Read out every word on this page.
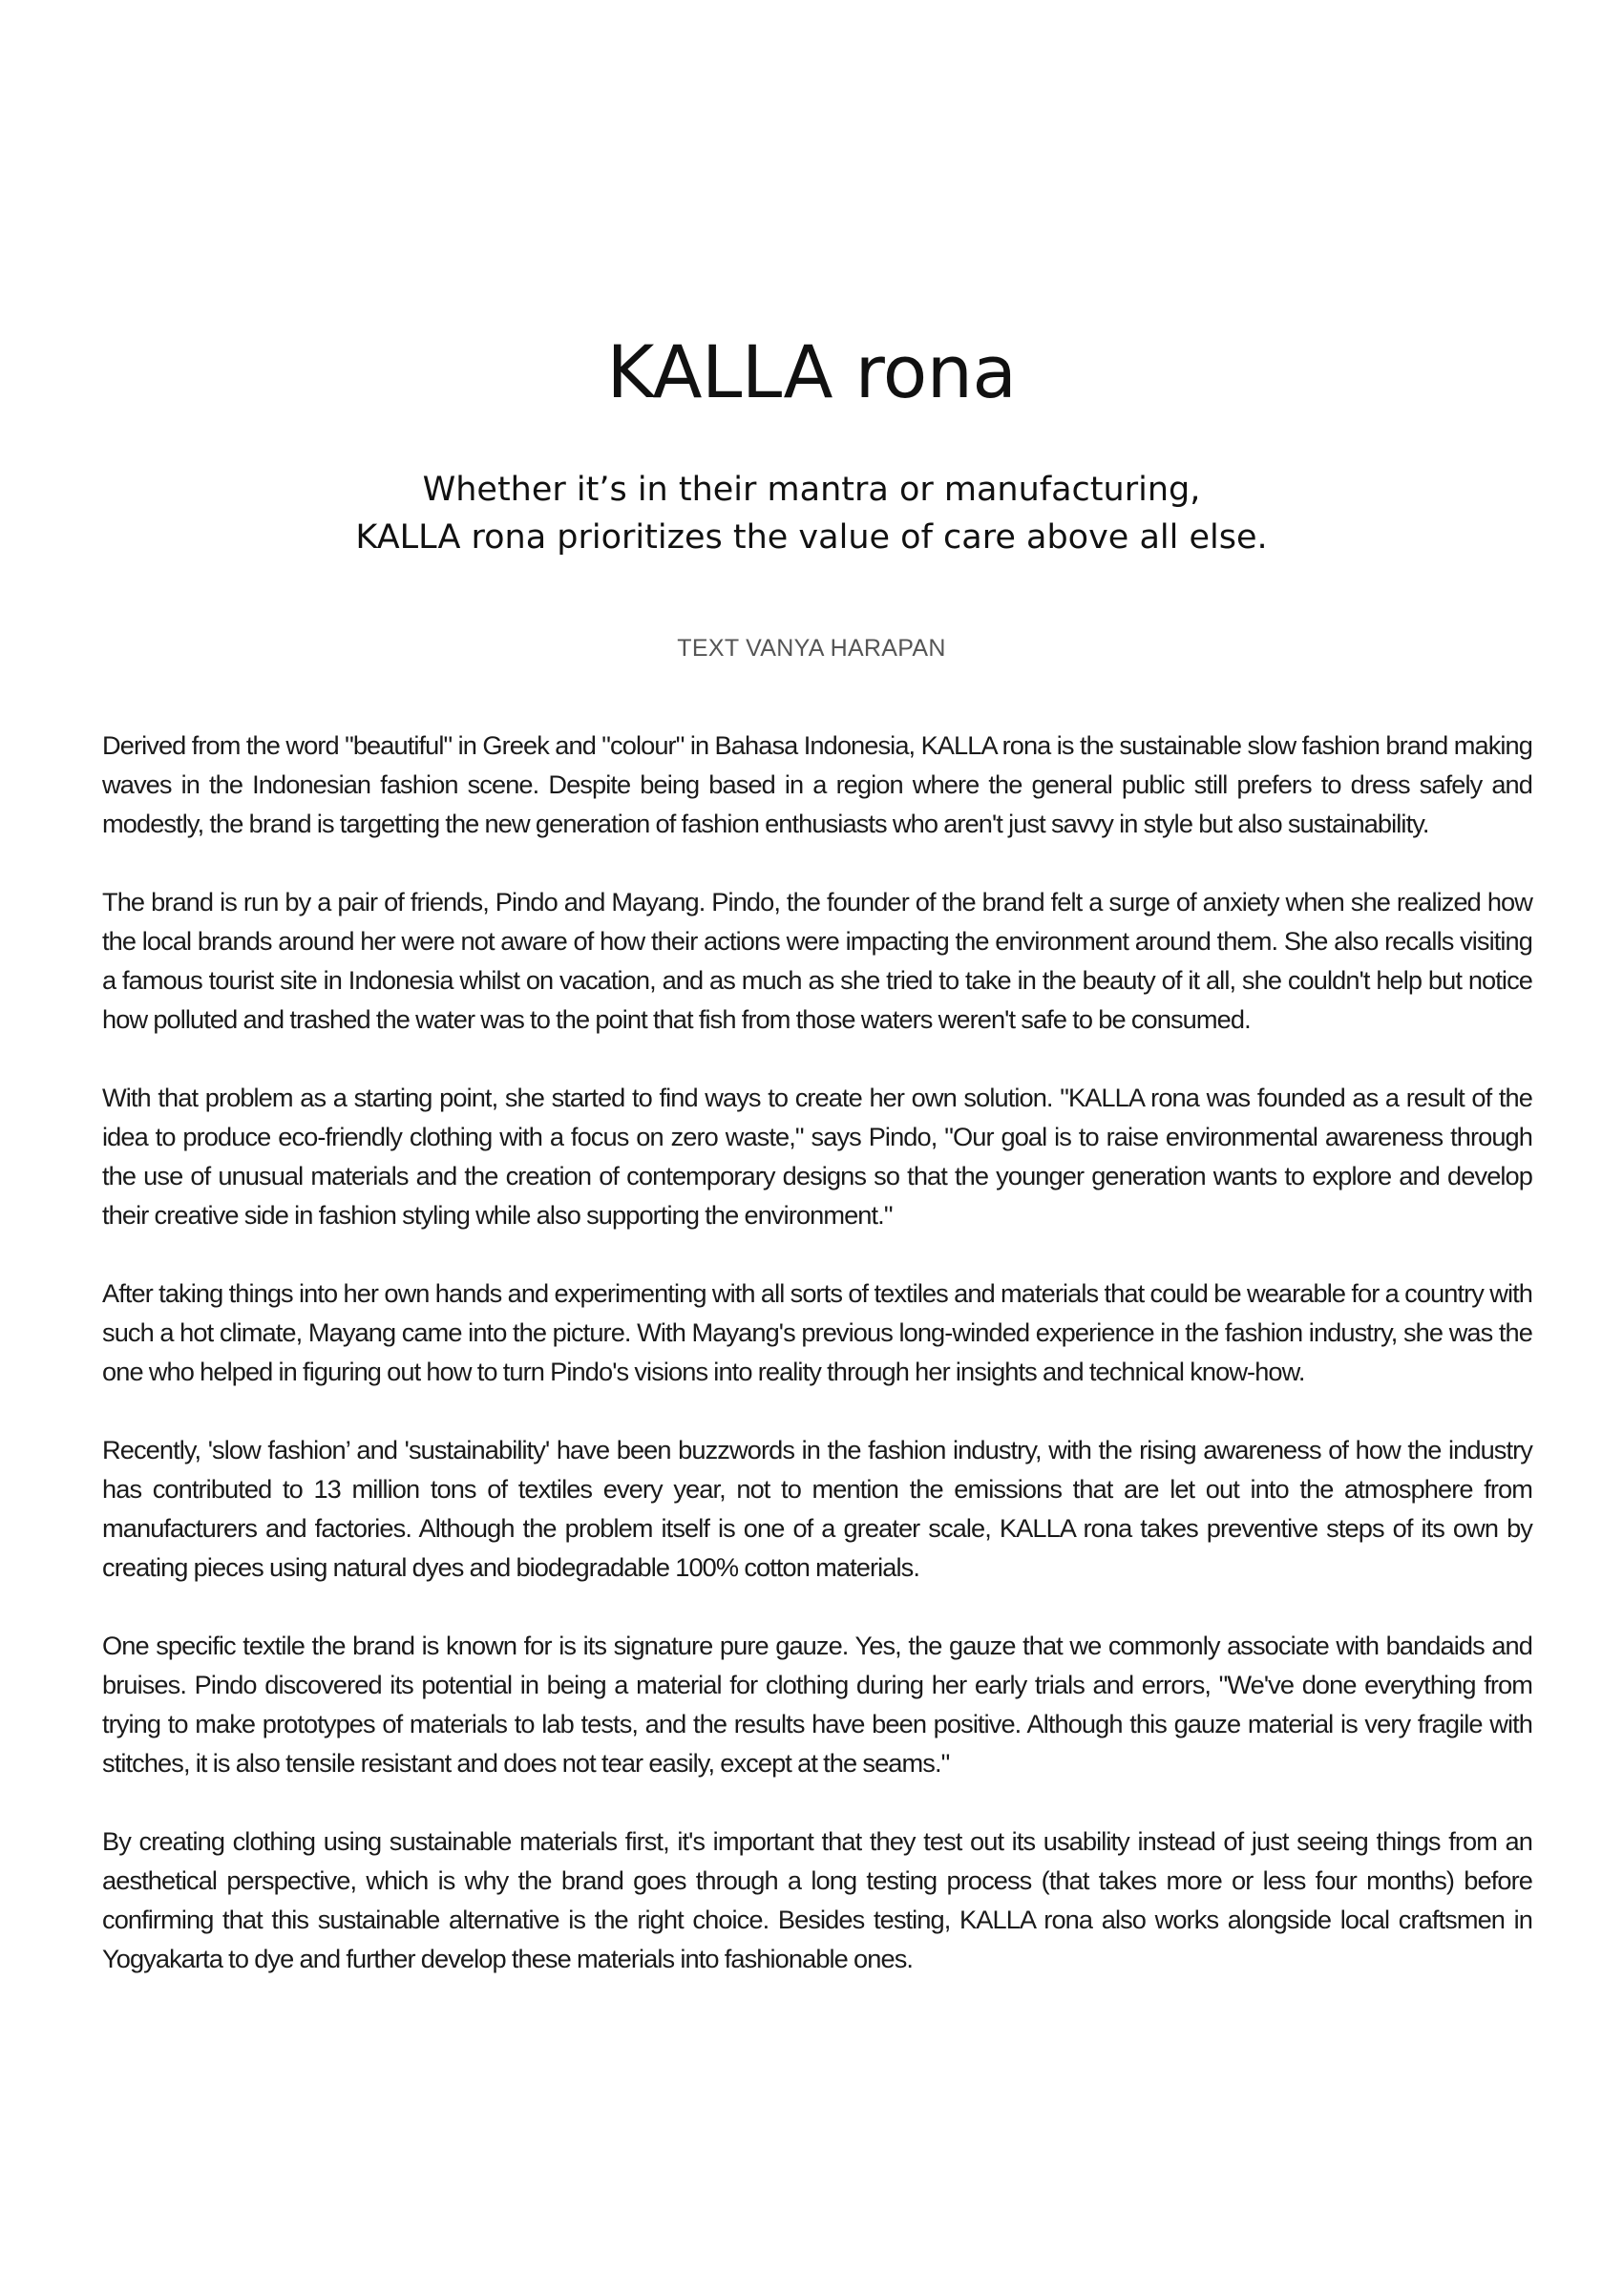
KALLA rona
Whether it’s in their mantra or manufacturing,
KALLA rona prioritizes the value of care above all else.
TEXT VANYA HARAPAN

Derived from the word "beautiful" in Greek and "colour" in Bahasa Indonesia, KALLA rona is the sustainable slow fashion brand making waves in the Indonesian fashion scene. Despite being based in a region where the general public still prefers to dress safely and modestly, the brand is targetting the new generation of fashion enthusiasts who aren't just savvy in style but also sustainability.

The brand is run by a pair of friends, Pindo and Mayang. Pindo, the founder of the brand felt a surge of anxiety when she realized how the local brands around her were not aware of how their actions were impacting the environment around them. She also recalls visiting a famous tourist site in Indonesia whilst on vacation, and as much as she tried to take in the beauty of it all, she couldn't help but notice how polluted and trashed the water was to the point that fish from those waters weren't safe to be consumed.

With that problem as a starting point, she started to find ways to create her own solution. "KALLA rona was founded as a result of the idea to produce eco-friendly clothing with a focus on zero waste," says Pindo, "Our goal is to raise environmental awareness through the use of unusual materials and the creation of contemporary designs so that the younger generation wants to explore and develop their creative side in fashion styling while also supporting the environment."

After taking things into her own hands and experimenting with all sorts of textiles and materials that could be wearable for a country with such a hot climate, Mayang came into the picture. With Mayang's previous long-winded experience in the fashion industry, she was the one who helped in figuring out how to turn Pindo's visions into reality through her insights and technical know-how.

Recently, 'slow fashion’ and 'sustainability' have been buzzwords in the fashion industry, with the rising awareness of how the industry has contributed to 13 million tons of textiles every year, not to mention the emissions that are let out into the atmosphere from manufacturers and factories. Although the problem itself is one of a greater scale, KALLA rona takes preventive steps of its own by creating pieces using natural dyes and biodegradable 100% cotton materials.

One specific textile the brand is known for is its signature pure gauze. Yes, the gauze that we commonly associate with bandaids and bruises. Pindo discovered its potential in being a material for clothing during her early trials and errors, "We've done everything from trying to make prototypes of materials to lab tests, and the results have been positive. Although this gauze material is very fragile with stitches, it is also tensile resistant and does not tear easily, except at the seams."

By creating clothing using sustainable materials first, it's important that they test out its usability instead of just seeing things from an aesthetical perspective, which is why the brand goes through a long testing process (that takes more or less four months) before confirming that this sustainable alternative is the right choice. Besides testing, KALLA rona also works alongside local craftsmen in Yogyakarta to dye and further develop these materials into fashionable ones.
